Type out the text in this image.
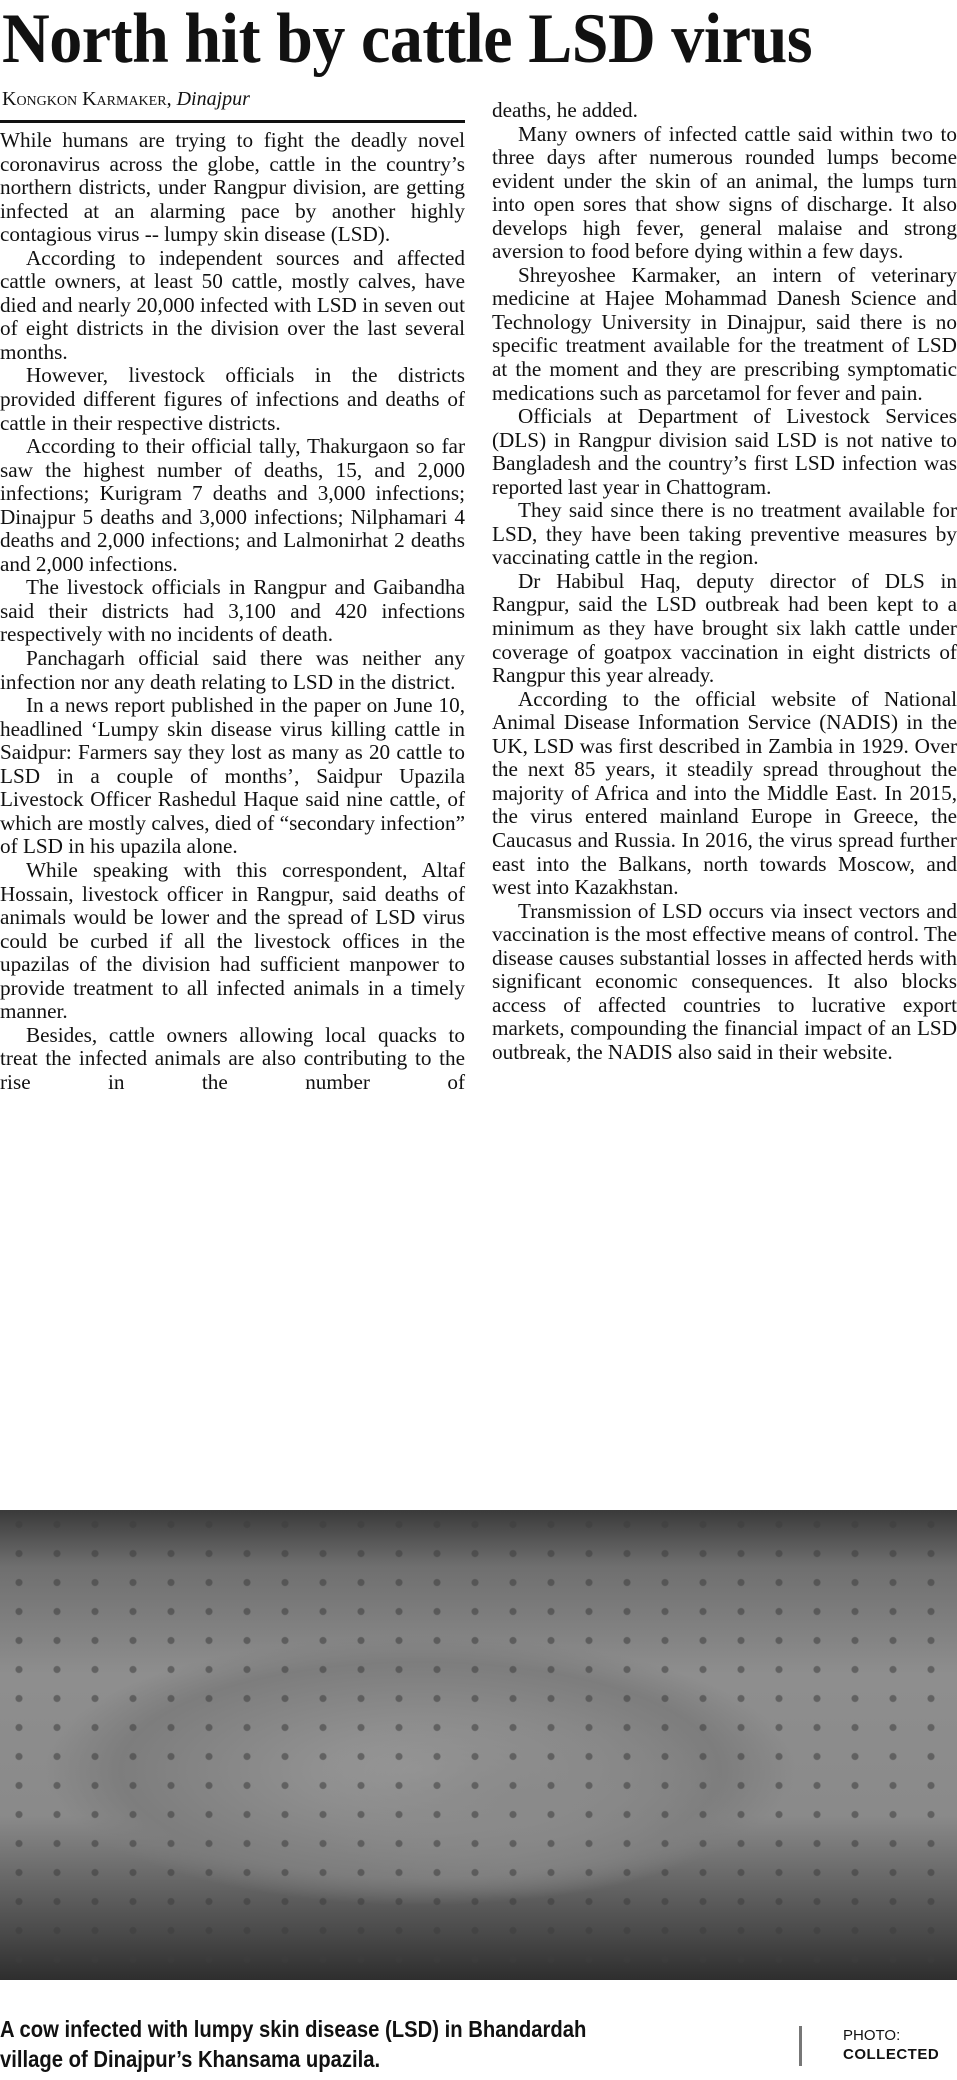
North hit by cattle LSD virus
Kongkon Karmaker, Dinajpur

While humans are trying to fight the deadly novel coronavirus across the globe, cattle in the country’s northern districts, under Rangpur division, are getting infected at an alarming pace by another highly contagious virus -- lumpy skin disease (LSD).

According to independent sources and affected cattle owners, at least 50 cattle, mostly calves, have died and nearly 20,000 infected with LSD in seven out of eight districts in the division over the last several months.

However, livestock officials in the districts provided different figures of infections and deaths of cattle in their respective districts.

According to their official tally, Thakurgaon so far saw the highest number of deaths, 15, and 2,000 infections; Kurigram 7 deaths and 3,000 infections; Dinajpur 5 deaths and 3,000 infections; Nilphamari 4 deaths and 2,000 infections; and Lalmonirhat 2 deaths and 2,000 infections.

The livestock officials in Rangpur and Gaibandha said their districts had 3,100 and 420 infections respectively with no incidents of death.

Panchagarh official said there was neither any infection nor any death relating to LSD in the district.

In a news report published in the paper on June 10, headlined ‘Lumpy skin disease virus killing cattle in Saidpur: Farmers say they lost as many as 20 cattle to LSD in a couple of months’, Saidpur Upazila Livestock Officer Rashedul Haque said nine cattle, of which are mostly calves, died of “secondary infection” of LSD in his upazila alone.

While speaking with this correspondent, Altaf Hossain, livestock officer in Rangpur, said deaths of animals would be lower and the spread of LSD virus could be curbed if all the livestock offices in the upazilas of the division had sufficient manpower to provide treatment to all infected animals in a timely manner.

Besides, cattle owners allowing local quacks to treat the infected animals are also contributing to the rise in the number of

deaths, he added.

Many owners of infected cattle said within two to three days after numerous rounded lumps become evident under the skin of an animal, the lumps turn into open sores that show signs of discharge. It also develops high fever, general malaise and strong aversion to food before dying within a few days.

Shreyoshee Karmaker, an intern of veterinary medicine at Hajee Mohammad Danesh Science and Technology University in Dinajpur, said there is no specific treatment available for the treatment of LSD at the moment and they are prescribing symptomatic medications such as parcetamol for fever and pain.

Officials at Department of Livestock Services (DLS) in Rangpur division said LSD is not native to Bangladesh and the country’s first LSD infection was reported last year in Chattogram.

They said since there is no treatment available for LSD, they have been taking preventive measures by vaccinating cattle in the region.

Dr Habibul Haq, deputy director of DLS in Rangpur, said the LSD outbreak had been kept to a minimum as they have brought six lakh cattle under coverage of goatpox vaccination in eight districts of Rangpur this year already.

According to the official website of National Animal Disease Information Service (NADIS) in the UK, LSD was first described in Zambia in 1929. Over the next 85 years, it steadily spread throughout the majority of Africa and into the Middle East. In 2015, the virus entered mainland Europe in Greece, the Caucasus and Russia. In 2016, the virus spread further east into the Balkans, north towards Moscow, and west into Kazakhstan.

Transmission of LSD occurs via insect vectors and vaccination is the most effective means of control. The disease causes substantial losses in affected herds with significant economic consequences. It also blocks access of affected countries to lucrative export markets, compounding the financial impact of an LSD outbreak, the NADIS also said in their website.

A cow infected with lumpy skin disease (LSD) in Bhandardah village of Dinajpur’s Khansama upazila.
PHOTO:
COLLECTED
